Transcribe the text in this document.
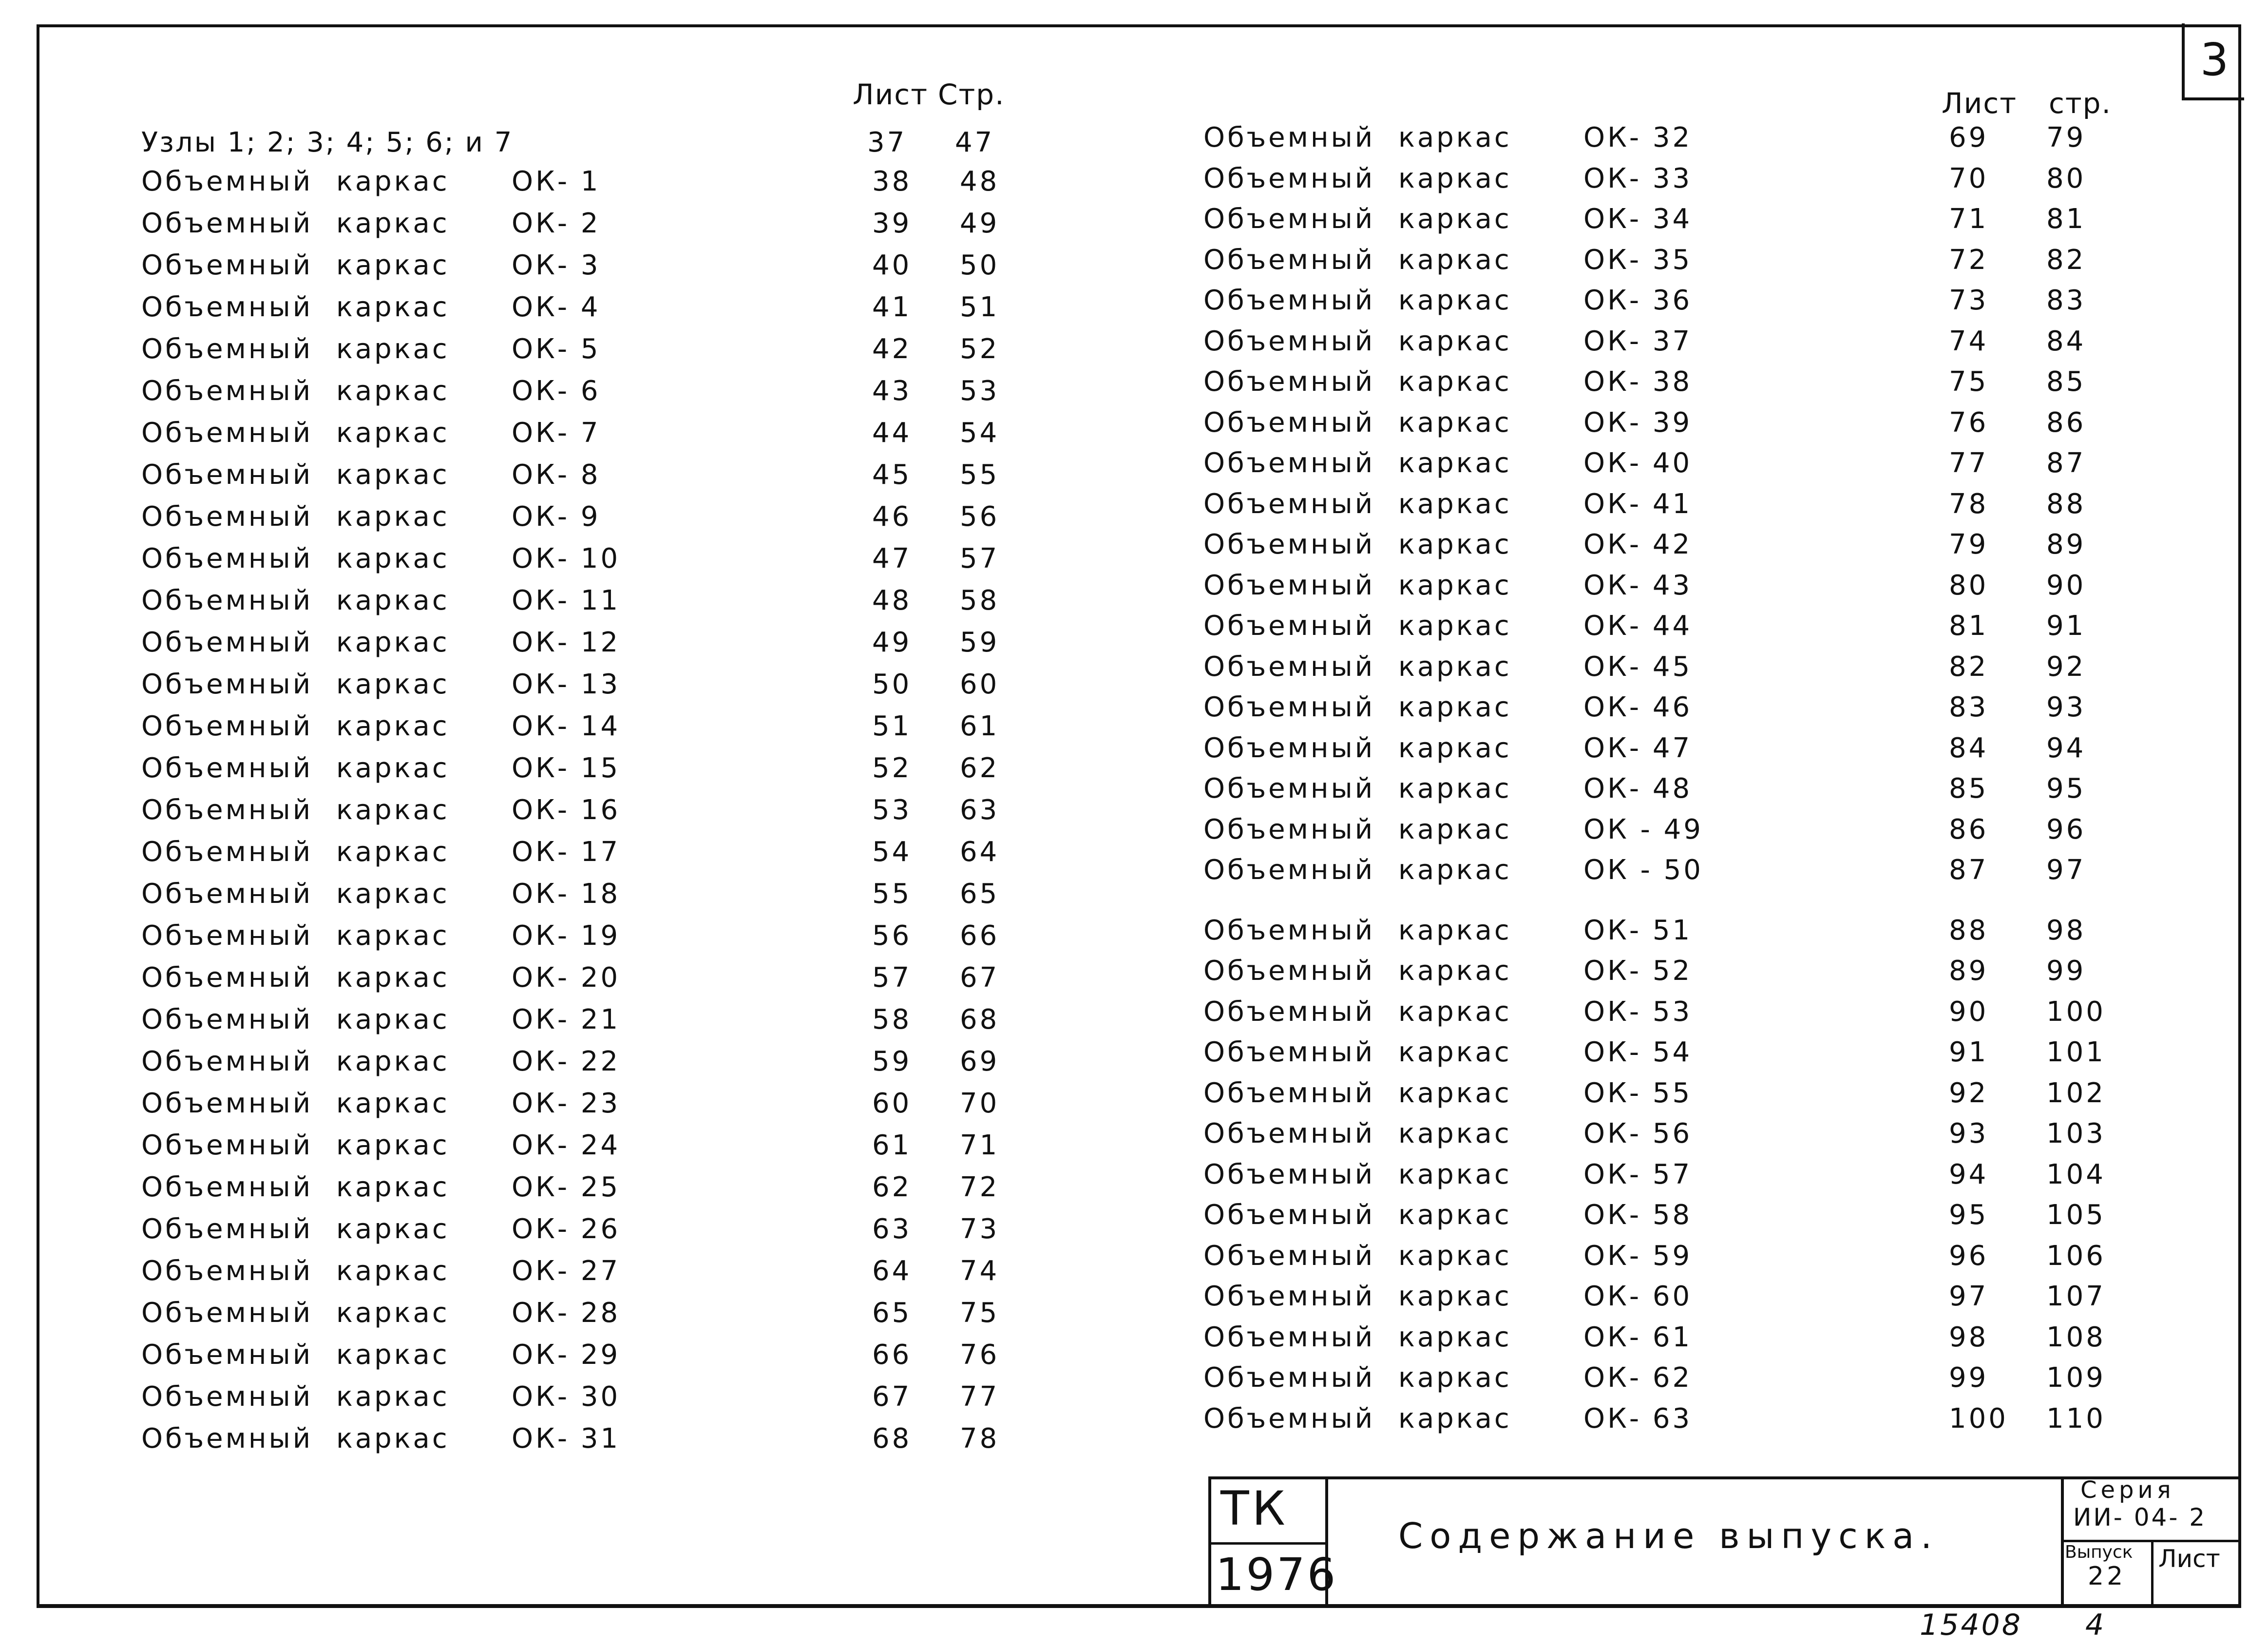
3
Лист Стр.	Лист стр.
Узлы 1; 2; 3; 4; 5; 6; и 7	37 47
Объемный каркас ОК- 1	38	48
Объемный каркас ОК- 2	39	49
Объемный каркас ОК- 3	40	50
Объемный каркас ОК- 4	41	51
Объемный каркас ОК- 5	42	52
Объемный каркас ОК- 6	43	53
Объемный каркас ОК- 7	44	54
Объемный каркас ОК- 8	45	55
Объемный каркас ОК- 9	46	56
Объемный каркас ОК- 10	47	57
Объемный каркас ОК- 11	48	58
Объемный каркас ОК- 12	49	59
Объемный каркас ОК- 13	50	60
Объемный каркас ОК- 14	51	61
Объемный каркас ОК- 15	52	62
Объемный каркас ОК- 16	53	63
Объемный каркас ОК- 17	54	64
Объемный каркас ОК- 18	55	65
Объемный каркас ОК- 19	56	66
Объемный каркас ОК- 20	57	67
Объемный каркас ОК- 21	58	68
Объемный каркас ОК- 22	59	69
Объемный каркас ОК- 23	60	70
Объемный каркас ОК- 24	61	71
Объемный каркас ОК- 25	62	72
Объемный каркас ОК- 26	63	73
Объемный каркас ОК- 27	64	74
Объемный каркас ОК- 28	65	75
Объемный каркас ОК- 29	66	76
Объемный каркас ОК- 30	67	77
Объемный каркас ОК- 31	68	78
Объемный каркас	ОК- 32	69	79
Объемный каркас	ОК- 33	70	80
Объемный каркас	ОК- 34	71	81
Объемный каркас	ОК- 35	72	82
Объемный каркас	ОК- 36	73	83
Объемный каркас	ОК- 37	74	84
Объемный каркас	ОК- 38	75	85
Объемный каркас	ОК- 39	76	86
Объемный каркас	ОК- 40	77	87
Объемный каркас	ОК- 41	78	88
Объемный каркас	ОК- 42	79	89
Объемный каркас	ОК- 43	80	90
Объемный каркас	ОК- 44	81	91
Объемный каркас	ОК- 45	82	92
Объемный каркас	ОК- 46	83	93
Объемный каркас	ОК- 47	84	94
Объемный каркас	ОК- 48	85	95
Объемный каркас	ОК - 49	86	96
Объемный каркас	ОК - 50	87	97
Объемный каркас	ОК- 51	88	98
Объемный каркас	ОК- 52	89	99
Объемный каркас	ОК- 53	90	100
Объемный каркас	ОК- 54	91	101
Объемный каркас	ОК- 55	92	102
Объемный каркас	ОК- 56	93	103
Объемный каркас	ОК- 57	94	104
Объемный каркас	ОК- 58	95	105
Объемный каркас	ОК- 59	96	106
Объемный каркас	ОК- 60	97	107
Объемный каркас	ОК- 61	98	108
Объемный каркас	ОК- 62	99	109
Объемный каркас	ОК- 63	100 110
ТК
1976
Содержание выпуска.
Серия
ИИ- 04- 2
Выпуск
22
Лист
15408 4
